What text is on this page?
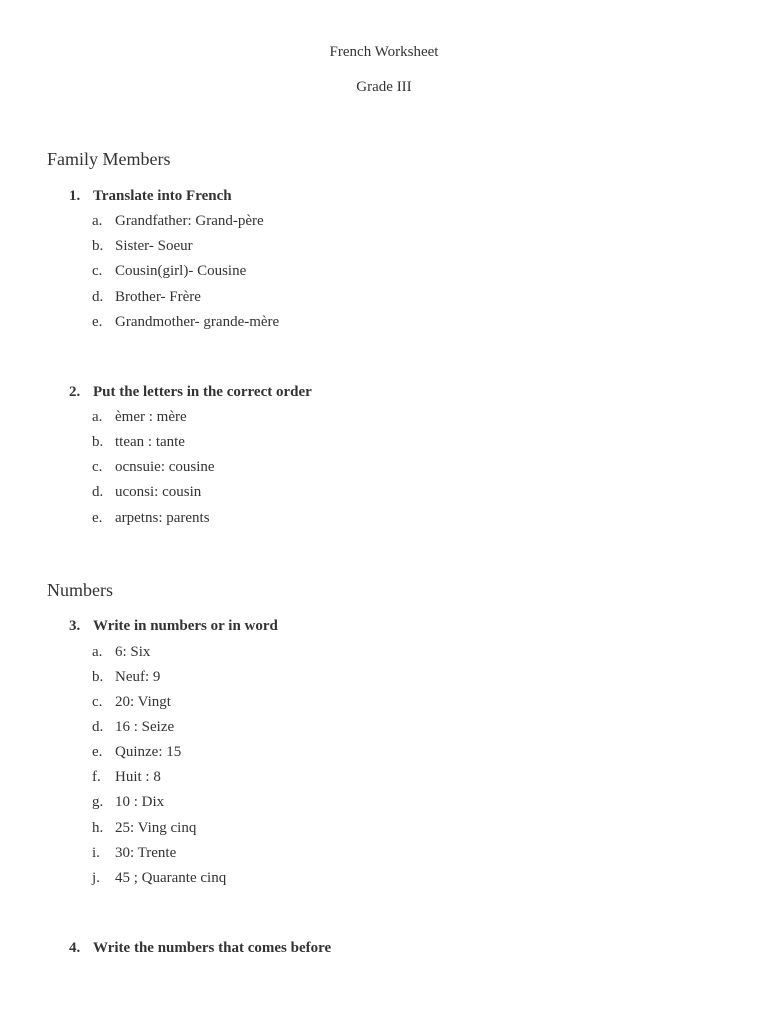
French Worksheet
Grade III
Family Members
1. Translate into French
a. Grandfather: Grand-père
b. Sister- Soeur
c. Cousin(girl)- Cousine
d. Brother- Frère
e. Grandmother- grande-mère
2. Put the letters in the correct order
a. èmer : mère
b. ttean : tante
c. ocnsuie: cousine
d. uconsi: cousin
e. arpetns: parents
Numbers
3. Write in numbers or in word
a. 6: Six
b. Neuf: 9
c. 20: Vingt
d. 16 : Seize
e. Quinze: 15
f. Huit : 8
g. 10 : Dix
h. 25: Ving cinq
i. 30: Trente
j. 45 ; Quarante cinq
4. Write the numbers that comes before
